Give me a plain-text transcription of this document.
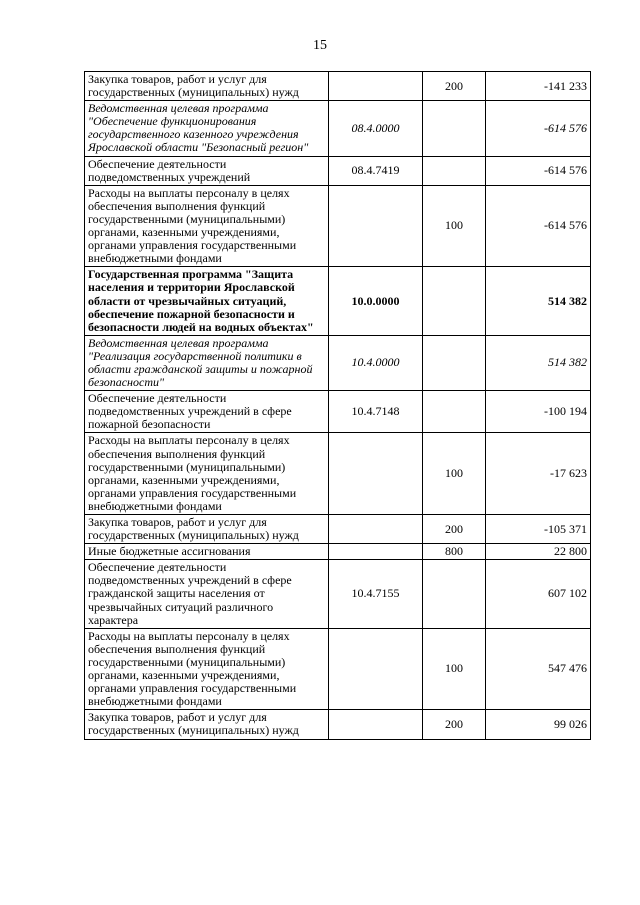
15
Закупка товаров, работ и услуг для государственных (муниципальных) нужд		200	-141 233
Ведомственная целевая программа "Обеспечение функционирования государственного казенного учреждения Ярославской области "Безопасный регион"	08.4.0000		-614 576
Обеспечение деятельности подведомственных учреждений	08.4.7419		-614 576
Расходы на выплаты персоналу в целях обеспечения выполнения функций государственными (муниципальными) органами, казенными учреждениями, органами управления государственными внебюджетными фондами		100	-614 576
Государственная программа "Защита населения и территории Ярославской области от чрезвычайных ситуаций, обеспечение пожарной безопасности и безопасности людей на водных объектах"	10.0.0000		514 382
Ведомственная целевая программа "Реализация государственной политики в области гражданской защиты и пожарной безопасности"	10.4.0000		514 382
Обеспечение деятельности подведомственных учреждений в сфере пожарной безопасности	10.4.7148		-100 194
Расходы на выплаты персоналу в целях обеспечения выполнения функций государственными (муниципальными) органами, казенными учреждениями, органами управления государственными внебюджетными фондами		100	-17 623
Закупка товаров, работ и услуг для государственных (муниципальных) нужд		200	-105 371
Иные бюджетные ассигнования		800	22 800
Обеспечение деятельности подведомственных учреждений в сфере гражданской защиты населения от чрезвычайных ситуаций различного характера	10.4.7155		607 102
Расходы на выплаты персоналу в целях обеспечения выполнения функций государственными (муниципальными) органами, казенными учреждениями, органами управления государственными внебюджетными фондами		100	547 476
Закупка товаров, работ и услуг для государственных (муниципальных) нужд		200	99 026
